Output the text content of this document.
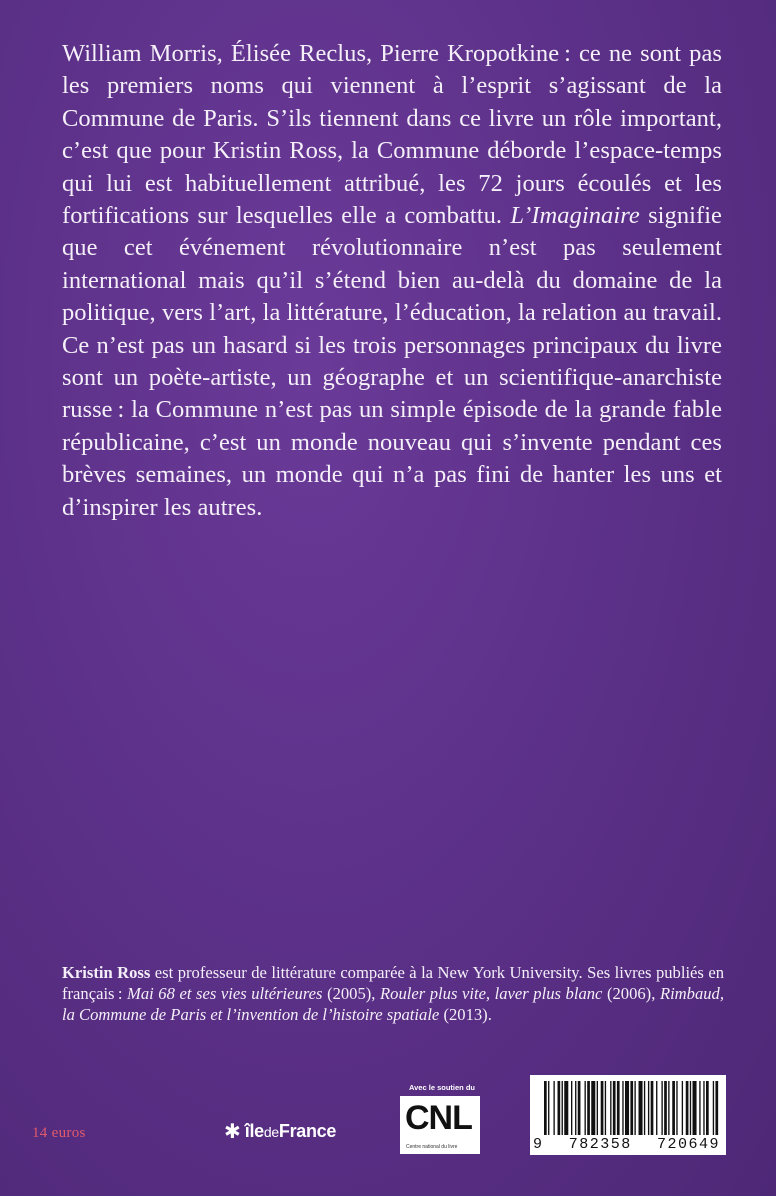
William Morris, Élisée Reclus, Pierre Kropotkine : ce ne sont pas les premiers noms qui viennent à l’esprit s’agissant de la Commune de Paris. S’ils tiennent dans ce livre un rôle important, c’est que pour Kristin Ross, la Commune déborde l’espace-temps qui lui est habituellement attribué, les 72 jours écoulés et les fortifications sur lesquelles elle a combattu. L’Imaginaire signifie que cet événement révolutionnaire n’est pas seulement international mais qu’il s’étend bien au-delà du domaine de la politique, vers l’art, la littérature, l’éducation, la relation au travail. Ce n’est pas un hasard si les trois personnages principaux du livre sont un poète-artiste, un géographe et un scientifique-anarchiste russe : la Commune n’est pas un simple épisode de la grande fable républicaine, c’est un monde nouveau qui s’invente pendant ces brèves semaines, un monde qui n’a pas fini de hanter les uns et d’inspirer les autres.

Kristin Ross est professeur de littérature comparée à la New York University. Ses livres publiés en français : Mai 68 et ses vies ultérieures (2005), Rouler plus vite, laver plus blanc (2006), Rimbaud, la Commune de Paris et l’invention de l’histoire spatiale (2013).

14 euros	✱ îledeFrance
Avec le soutien du
CNL
Centre national du livre	9 782358 720649
